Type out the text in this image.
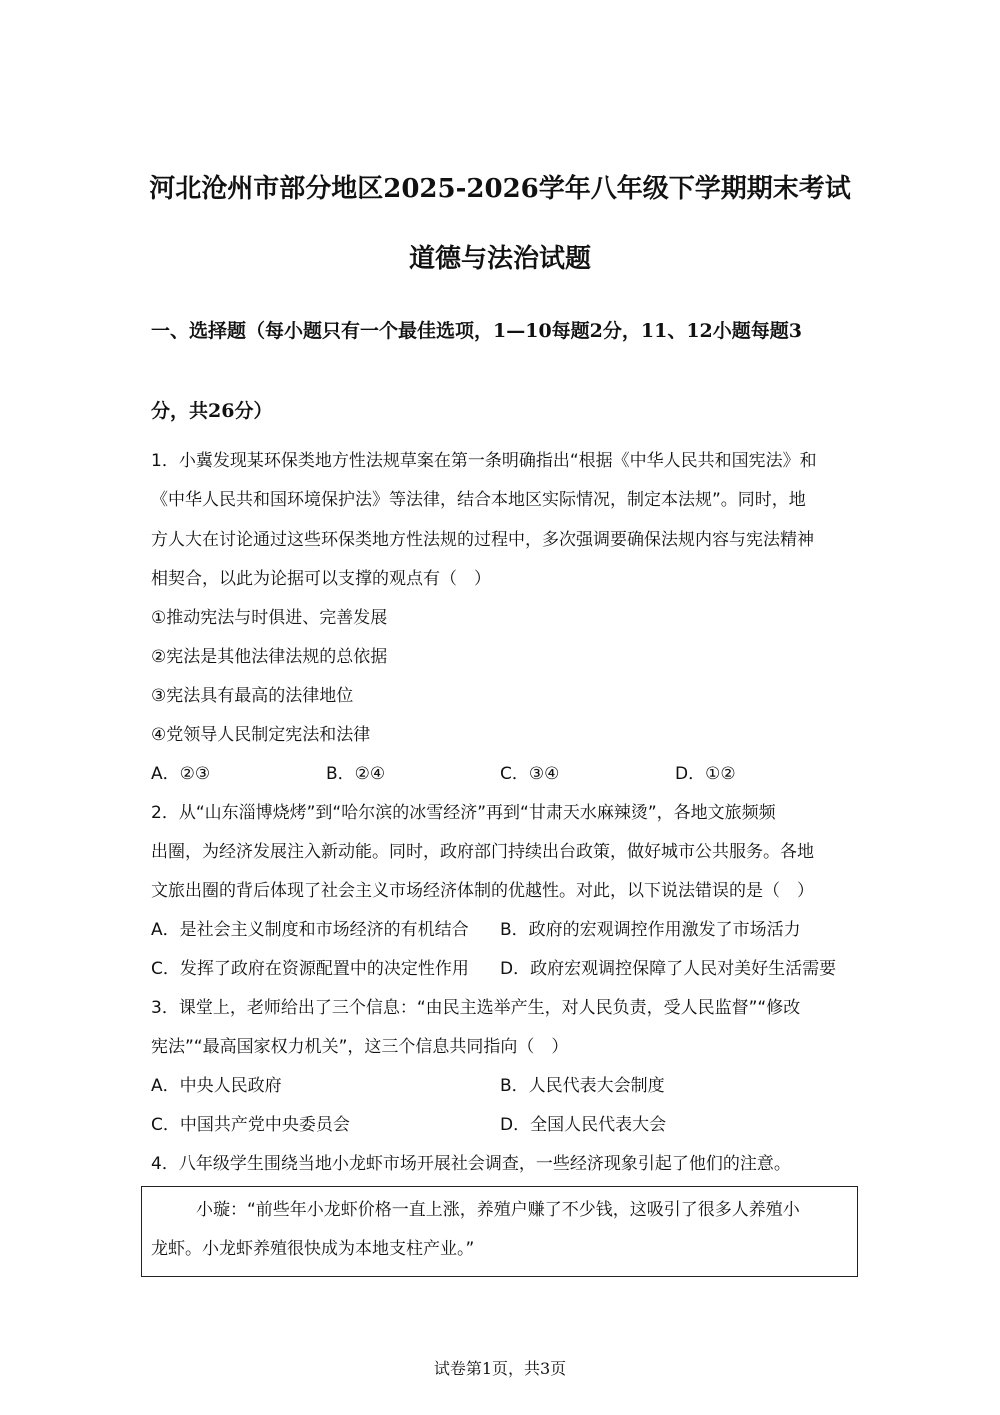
河北沧州市部分地区2025-2026学年八年级下学期期末考试
道德与法治试题
一、选择题（每小题只有一个最佳选项，1—10每题2分，11、12小题每题3
分，共26分）
1．小冀发现某环保类地方性法规草案在第一条明确指出“根据《中华人民共和国宪法》和
《中华人民共和国环境保护法》等法律，结合本地区实际情况，制定本法规”。同时，地
方人大在讨论通过这些环保类地方性法规的过程中，多次强调要确保法规内容与宪法精神
相契合，以此为论据可以支撑的观点有（　）
①推动宪法与时俱进、完善发展
②宪法是其他法律法规的总依据
③宪法具有最高的法律地位
④党领导人民制定宪法和法律
A．②③	B．②④	C．③④	D．①②
2．从“山东淄博烧烤”到“哈尔滨的冰雪经济”再到“甘肃天水麻辣烫”，各地文旅频频
出圈，为经济发展注入新动能。同时，政府部门持续出台政策，做好城市公共服务。各地
文旅出圈的背后体现了社会主义市场经济体制的优越性。对此，以下说法错误的是（　）
A．是社会主义制度和市场经济的有机结合 B．政府的宏观调控作用激发了市场活力
C．发挥了政府在资源配置中的决定性作用 D．政府宏观调控保障了人民对美好生活需要
3．课堂上，老师给出了三个信息：“由民主选举产生，对人民负责，受人民监督”“修改
宪法”“最高国家权力机关”，这三个信息共同指向（　）
A．中央人民政府	B．人民代表大会制度
C．中国共产党中央委员会	D．全国人民代表大会
4．八年级学生围绕当地小龙虾市场开展社会调查，一些经济现象引起了他们的注意。
小璇：“前些年小龙虾价格一直上涨，养殖户赚了不少钱，这吸引了很多人养殖小
龙虾。小龙虾养殖很快成为本地支柱产业。”
试卷第1页，共3页
